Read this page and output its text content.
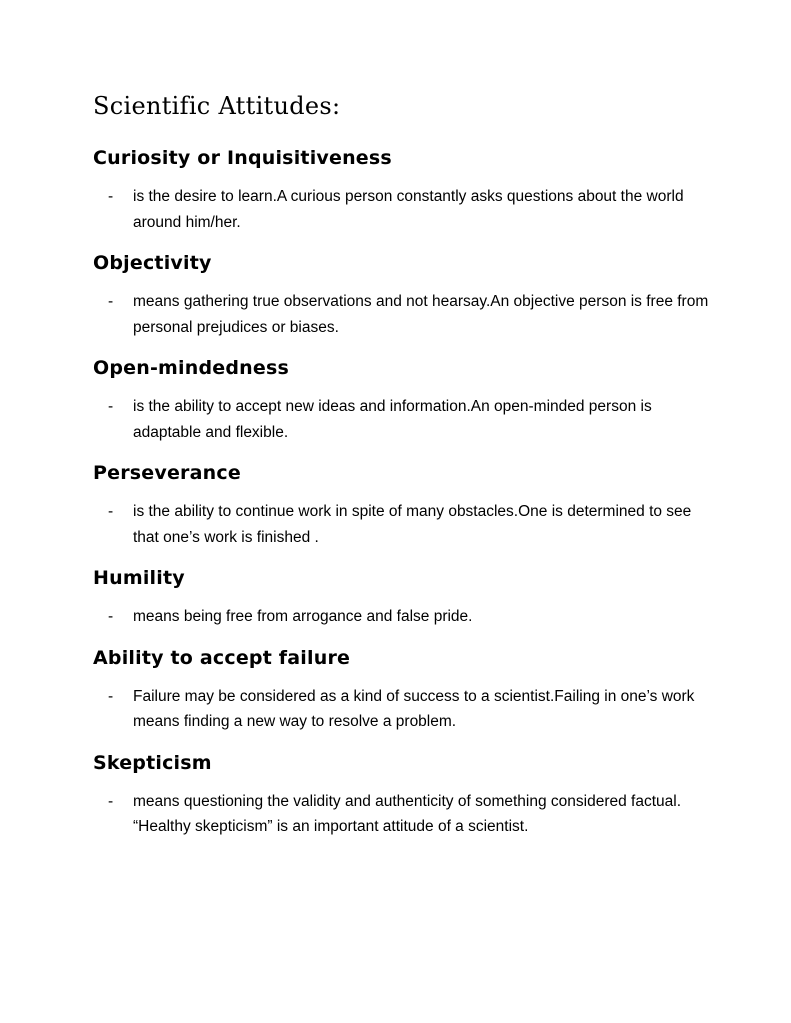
Scientific Attitudes:
Curiosity or Inquisitiveness
-	is the desire to learn.A curious person constantly asks questions about the world around him/her.
Objectivity
-	means gathering true observations and not hearsay.An objective person is free from personal prejudices or biases.
Open-mindedness
-	is the ability to accept new ideas and information.An open-minded person is adaptable and flexible.
Perseverance
-	is the ability to continue work in spite of many obstacles.One is determined to see that one’s work is finished .
Humility
-	means being free from arrogance and false pride.
Ability to accept failure
-	Failure may be considered as a kind of success to a scientist.Failing in one’s work means finding a new way to resolve a problem.
Skepticism
-	means questioning the validity and authenticity of something considered factual. “Healthy skepticism” is an important attitude of a scientist.
